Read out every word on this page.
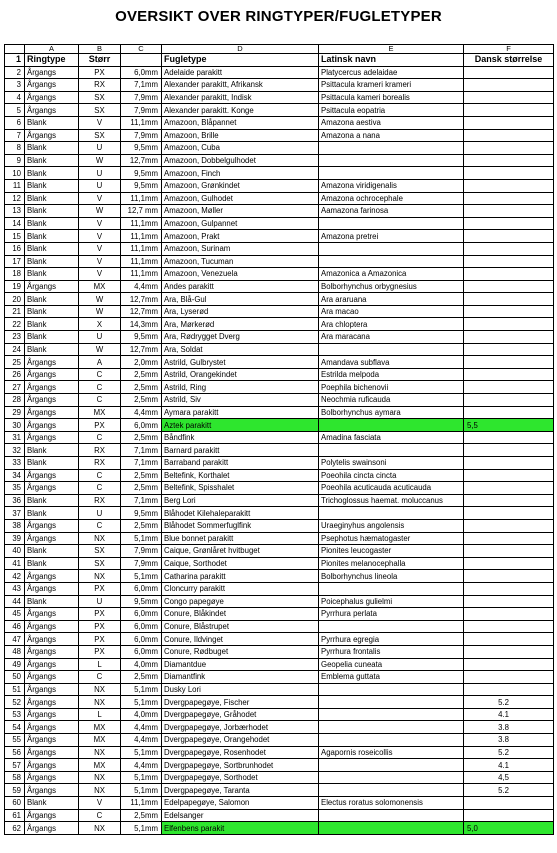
OVERSIKT OVER RINGTYPER/FUGLETYPER
	A	B	C	D	E	F
1	Ringtype	Størr		Fugletype	Latinsk navn	Dansk størrelse
2	Årgangs	PX	6,0mm	Adelaide parakitt	Platycercus adelaidae	
3	Årgangs	RX	7,1mm	Alexander parakitt, Afrikansk	Psittacula krameri krameri	
4	Årgangs	SX	7,9mm	Alexander parakitt, Indisk	Psittacula kameri borealis	
5	Årgangs	SX	7,9mm	Alexander parakitt. Konge	Psittacula eopatria	
6	Blank	V	11,1mm	Amazoon, Blåpannet	Amazona aestiva	
7	Årgangs	SX	7,9mm	Amazoon, Brille	Amazona a nana	
8	Blank	U	9,5mm	Amazoon, Cuba		
9	Blank	W	12,7mm	Amazoon, Dobbelgulhodet		
10	Blank	U	9,5mm	Amazoon, Finch		
11	Blank	U	9,5mm	Amazoon, Grønkindet	Amazona viridigenalis	
12	Blank	V	11,1mm	Amazoon, Gulhodet	Amazona ochrocephale	
13	Blank	W	12,7 mm	Amazoon, Møller	Aamazona farinosa	
14	Blank	V	11,1mm	Amazoon, Gulpannet		
15	Blank	V	11,1mm	Amazoon, Prakt	Amazona pretrei	
16	Blank	V	11,1mm	Amazoon, Surinam		
17	Blank	V	11,1mm	Amazoon, Tucuman		
18	Blank	V	11,1mm	Amazoon, Venezuela	Amazonica a Amazonica	
19	Årgangs	MX	4,4mm	Andes parakitt	Bolborhynchus orbygnesius	
20	Blank	W	12,7mm	Ara, Blå-Gul	Ara araruana	
21	Blank	W	12,7mm	Ara, Lyserød	Ara macao	
22	Blank	X	14,3mm	Ara, Mørkerød	Ara chloptera	
23	Blank	U	9,5mm	Ara, Rødrygget Dverg	Ara maracana	
24	Blank	W	12,7mm	Ara, Soldat		
25	Årgangs	A	2,0mm	Astrild, Gulbrystet	Amandava subflava	
26	Årgangs	C	2,5mm	Astrild, Orangekindet	Estrilda melpoda	
27	Årgangs	C	2,5mm	Astrild, Ring	Poephila bichenovii	
28	Årgangs	C	2,5mm	Astrild, Siv	Neochmia ruficauda	
29	Årgangs	MX	4,4mm	Aymara parakitt	Bolborhynchus aymara	
30	Årgangs	PX	6,0mm	Aztek parakitt		5,5
31	Årgangs	C	2,5mm	Båndfink	Amadina fasciata	
32	Blank	RX	7,1mm	Barnard parakitt		
33	Blank	RX	7,1mm	Barraband parakitt	Polytelis swainsoni	
34	Årgangs	C	2,5mm	Beltefink, Korthalet	Poeohila cincta cincta	
35	Årgangs	C	2,5mm	Beltefink, Spisshalet	Poeohila acuticauda acuticauda	
36	Blank	RX	7,1mm	Berg Lori	Trichoglossus haemat. moluccanus	
37	Blank	U	9,5mm	Blåhodet Kilehaleparakitt		
38	Årgangs	C	2,5mm	Blåhodet Sommerfuglfink	Uraeginyhus angolensis	
39	Årgangs	NX	5,1mm	Blue bonnet parakitt	Psephotus hæmatogaster	
40	Blank	SX	7,9mm	Caique, Grønlåret hvitbuget	Pionites leucogaster	
41	Blank	SX	7,9mm	Caique, Sorthodet	Pionites melanocephalla	
42	Årgangs	NX	5,1mm	Catharina parakitt	Bolborhynchus lineola	
43	Årgangs	PX	6,0mm	Cloncurry parakitt		
44	Blank	U	9,5mm	Congo papegøye	Poicephalus gulielmi	
45	Årgangs	PX	6,0mm	Conure, Blåkindet	Pyrrhura perlata	
46	Årgangs	PX	6,0mm	Conure, Blåstrupet		
47	Årgangs	PX	6,0mm	Conure, Ildvinget	Pyrrhura egregia	
48	Årgangs	PX	6,0mm	Conure, Rødbuget	Pyrrhura frontalis	
49	Årgangs	L	4,0mm	Diamantdue	Geopelia cuneata	
50	Årgangs	C	2,5mm	Diamantfink	Emblema guttata	
51	Årgangs	NX	5,1mm	Dusky Lori		
52	Årgangs	NX	5,1mm	Dvergpapegøye, Fischer		5.2
53	Årgangs	L	4,0mm	Dvergpapegøye, Gråhodet		4.1
54	Årgangs	MX	4,4mm	Dvergpapegøye, Jorbærhodet		3.8
55	Årgangs	MX	4,4mm	Dvergpapegøye, Orangehodet		3.8
56	Årgangs	NX	5,1mm	Dvergpapegøye, Rosenhodet	Agapornis roseicollis	5.2
57	Årgangs	MX	4,4mm	Dvergpapegøye, Sortbrunhodet		4.1
58	Årgangs	NX	5,1mm	Dvergpapegøye, Sorthodet		4,5
59	Årgangs	NX	5,1mm	Dvergpapegøye, Taranta		5.2
60	Blank	V	11,1mm	Edelpapegøye, Salomon	Electus roratus solomonensis	
61	Årgangs	C	2,5mm	Edelsanger		
62	Årgangs	NX	5,1mm	Elfenbens parakit		5,0
